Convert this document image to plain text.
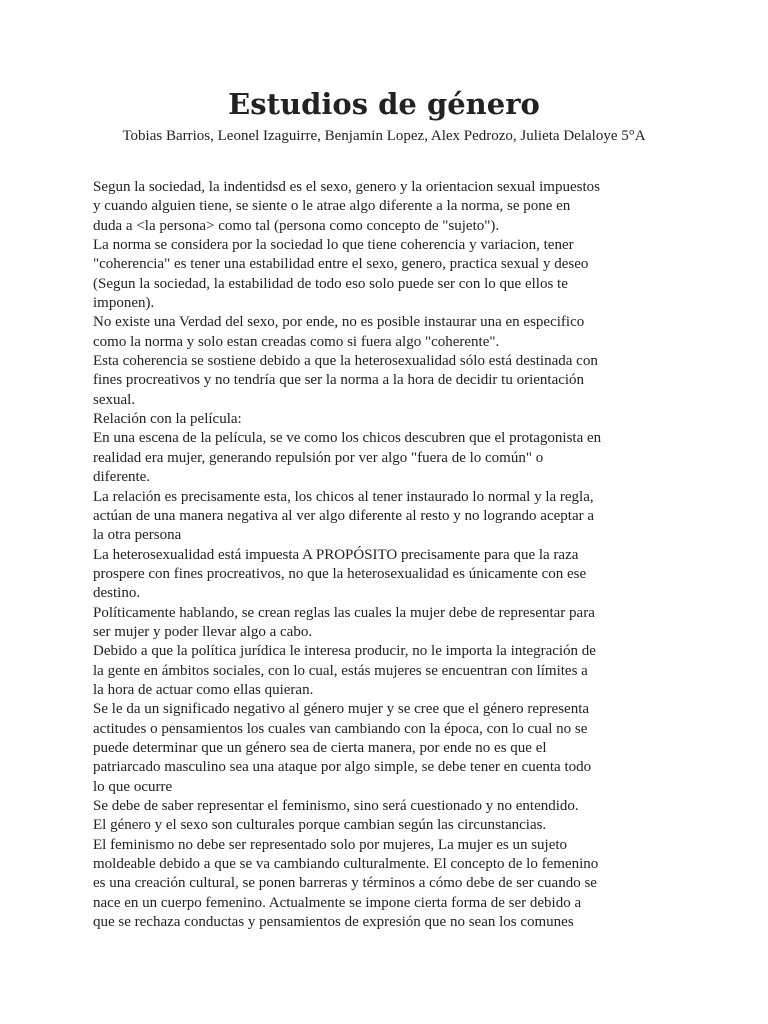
Estudios de género

Tobias Barrios, Leonel Izaguirre, Benjamin Lopez, Alex Pedrozo, Julieta Delaloye 5°A

Segun la sociedad, la indentidsd es el sexo, genero y la orientacion sexual impuestos
y cuando alguien tiene, se siente o le atrae algo diferente a la norma, se pone en
duda a <la persona> como tal (persona como concepto de "sujeto").
La norma se considera por la sociedad lo que tiene coherencia y variacion, tener
"coherencia" es tener una estabilidad entre el sexo, genero, practica sexual y deseo
(Segun la sociedad, la estabilidad de todo eso solo puede ser con lo que ellos te
imponen).
No existe una Verdad del sexo, por ende, no es posible instaurar una en especifico
como la norma y solo estan creadas como si fuera algo "coherente".
Esta coherencia se sostiene debido a que la heterosexualidad sólo está destinada con
fines procreativos y no tendría que ser la norma a la hora de decidir tu orientación
sexual.
Relación con la película:
En una escena de la película, se ve como los chicos descubren que el protagonista en
realidad era mujer, generando repulsión por ver algo "fuera de lo común" o
diferente.
La relación es precisamente esta, los chicos al tener instaurado lo normal y la regla,
actúan de una manera negativa al ver algo diferente al resto y no logrando aceptar a
la otra persona
La heterosexualidad está impuesta A PROPÓSITO precisamente para que la raza
prospere con fines procreativos, no que la heterosexualidad es únicamente con ese
destino.
Políticamente hablando, se crean reglas las cuales la mujer debe de representar para
ser mujer y poder llevar algo a cabo.
Debido a que la política jurídica le interesa producir, no le importa la integración de
la gente en ámbitos sociales, con lo cual, estás mujeres se encuentran con límites a
la hora de actuar como ellas quieran.
Se le da un significado negativo al género mujer y se cree que el género representa
actitudes o pensamientos los cuales van cambiando con la época, con lo cual no se
puede determinar que un género sea de cierta manera, por ende no es que el
patriarcado masculino sea una ataque por algo simple, se debe tener en cuenta todo
lo que ocurre
Se debe de saber representar el feminismo, sino será cuestionado y no entendido.
El género y el sexo son culturales porque cambian según las circunstancias.
El feminismo no debe ser representado solo por mujeres, La mujer es un sujeto
moldeable debido a que se va cambiando culturalmente. El concepto de lo femenino
es una creación cultural, se ponen barreras y términos a cómo debe de ser cuando se
nace en un cuerpo femenino. Actualmente se impone cierta forma de ser debido a
que se rechaza conductas y pensamientos de expresión que no sean los comunes
